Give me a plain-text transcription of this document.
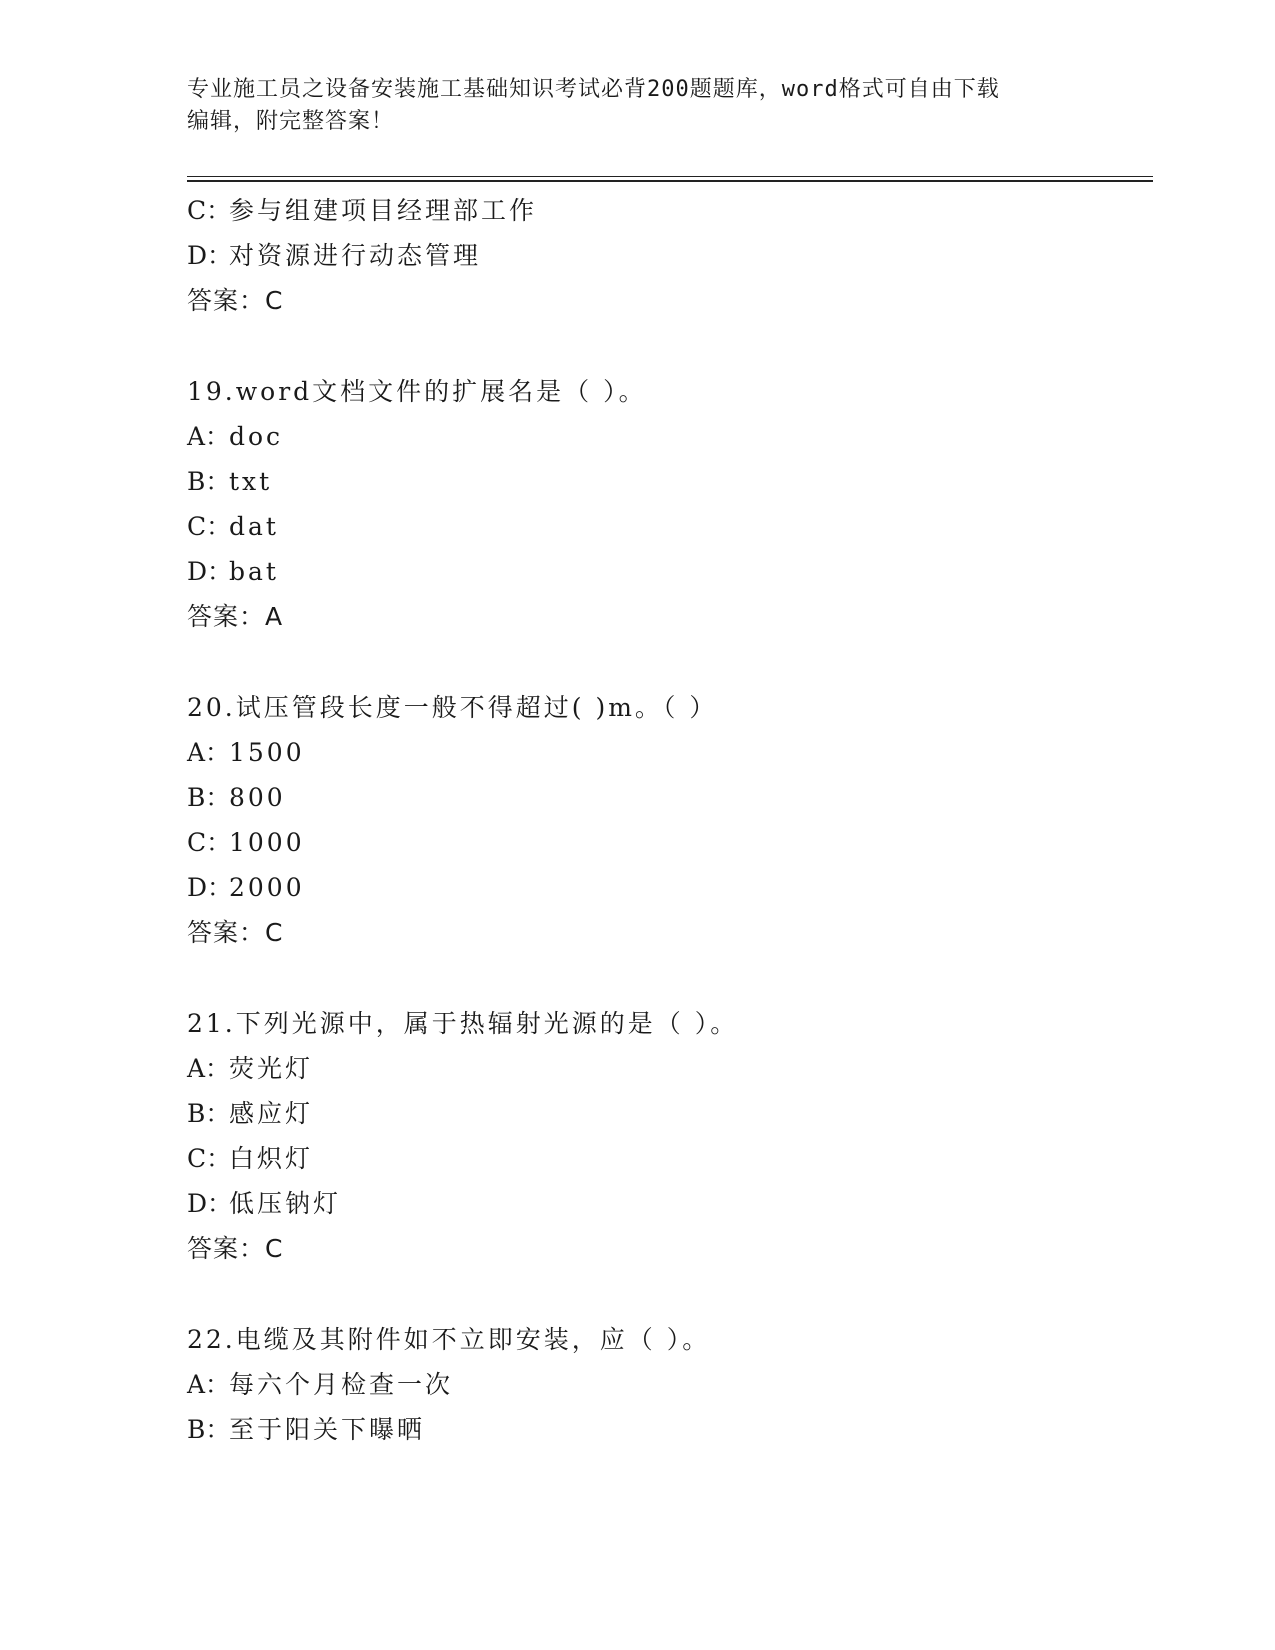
专业施工员之设备安装施工基础知识考试必背200题题库，word格式可自由下载
编辑，附完整答案！
C：参与组建项目经理部工作
D：对资源进行动态管理
答案：C
19.word文档文件的扩展名是（ ）。
A：doc
B：txt
C：dat
D：bat
答案：A
20.试压管段长度一般不得超过( )m。（ ）
A：1500
B：800
C：1000
D：2000
答案：C
21.下列光源中，属于热辐射光源的是（ ）。
A：荧光灯
B：感应灯
C：白炽灯
D：低压钠灯
答案：C
22.电缆及其附件如不立即安装，应（ ）。
A：每六个月检查一次
B：至于阳关下曝晒
